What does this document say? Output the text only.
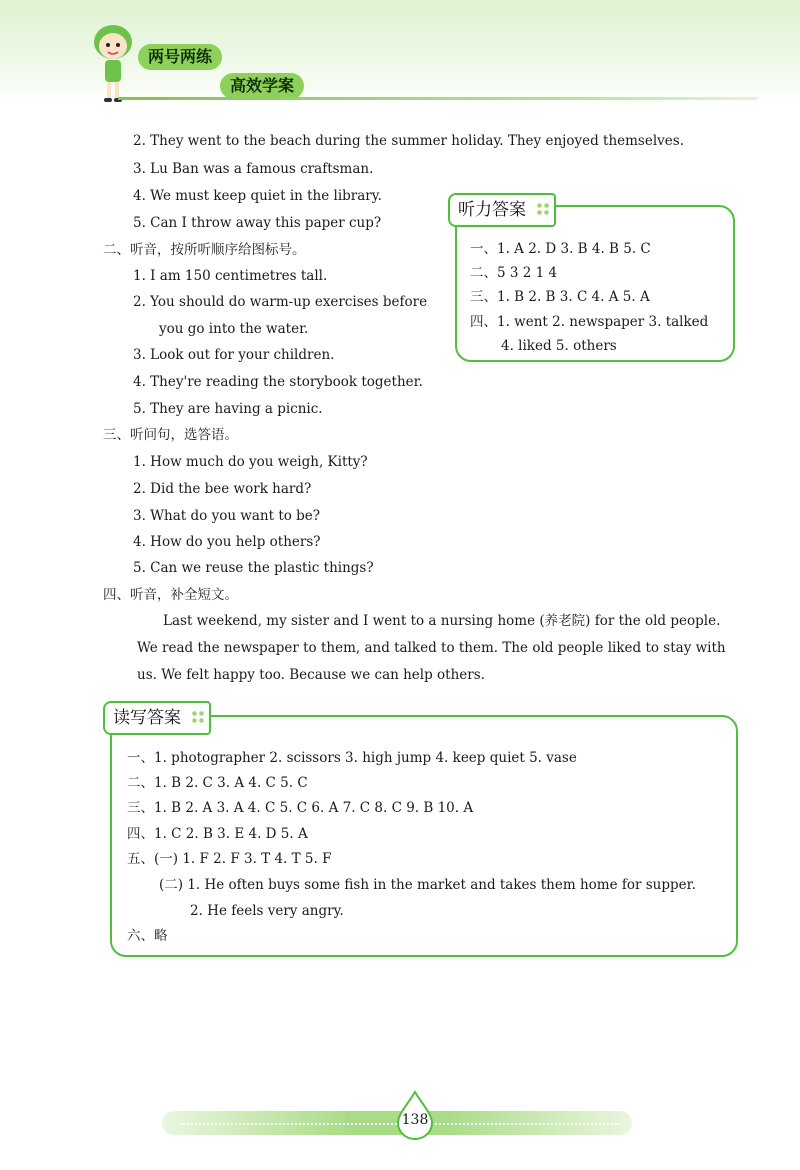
两号两练
高效学案
2. They went to the beach during the summer holiday. They enjoyed themselves.
3. Lu Ban was a famous craftsman.
4. We must keep quiet in the library.
5. Can I throw away this paper cup?
二、听音，按所听顺序给图标号。
1. I am 150 centimetres tall.
2. You should do warm-up exercises before
you go into the water.
3. Look out for your children.
4. They're reading the storybook together.
5. They are having a picnic.
三、听问句，选答语。
1. How much do you weigh, Kitty?
2. Did the bee work hard?
3. What do you want to be?
4. How do you help others?
5. Can we reuse the plastic things?
四、听音，补全短文。
Last weekend, my sister and I went to a nursing home (养老院) for the old people.
We read the newspaper to them, and talked to them. The old people liked to stay with
us. We felt happy too. Because we can help others.
听力答案
一、1. A 2. D 3. B 4. B 5. C
二、5 3 2 1 4
三、1. B 2. B 3. C 4. A 5. A
四、1. went 2. newspaper 3. talked
4. liked 5. others
读写答案
一、1. photographer 2. scissors 3. high jump 4. keep quiet 5. vase
二、1. B 2. C 3. A 4. C 5. C
三、1. B 2. A 3. A 4. C 5. C 6. A 7. C 8. C 9. B 10. A
四、1. C 2. B 3. E 4. D 5. A
五、(一) 1. F 2. F 3. T 4. T 5. F
(二) 1. He often buys some fish in the market and takes them home for supper.
2. He feels very angry.
六、略
138
